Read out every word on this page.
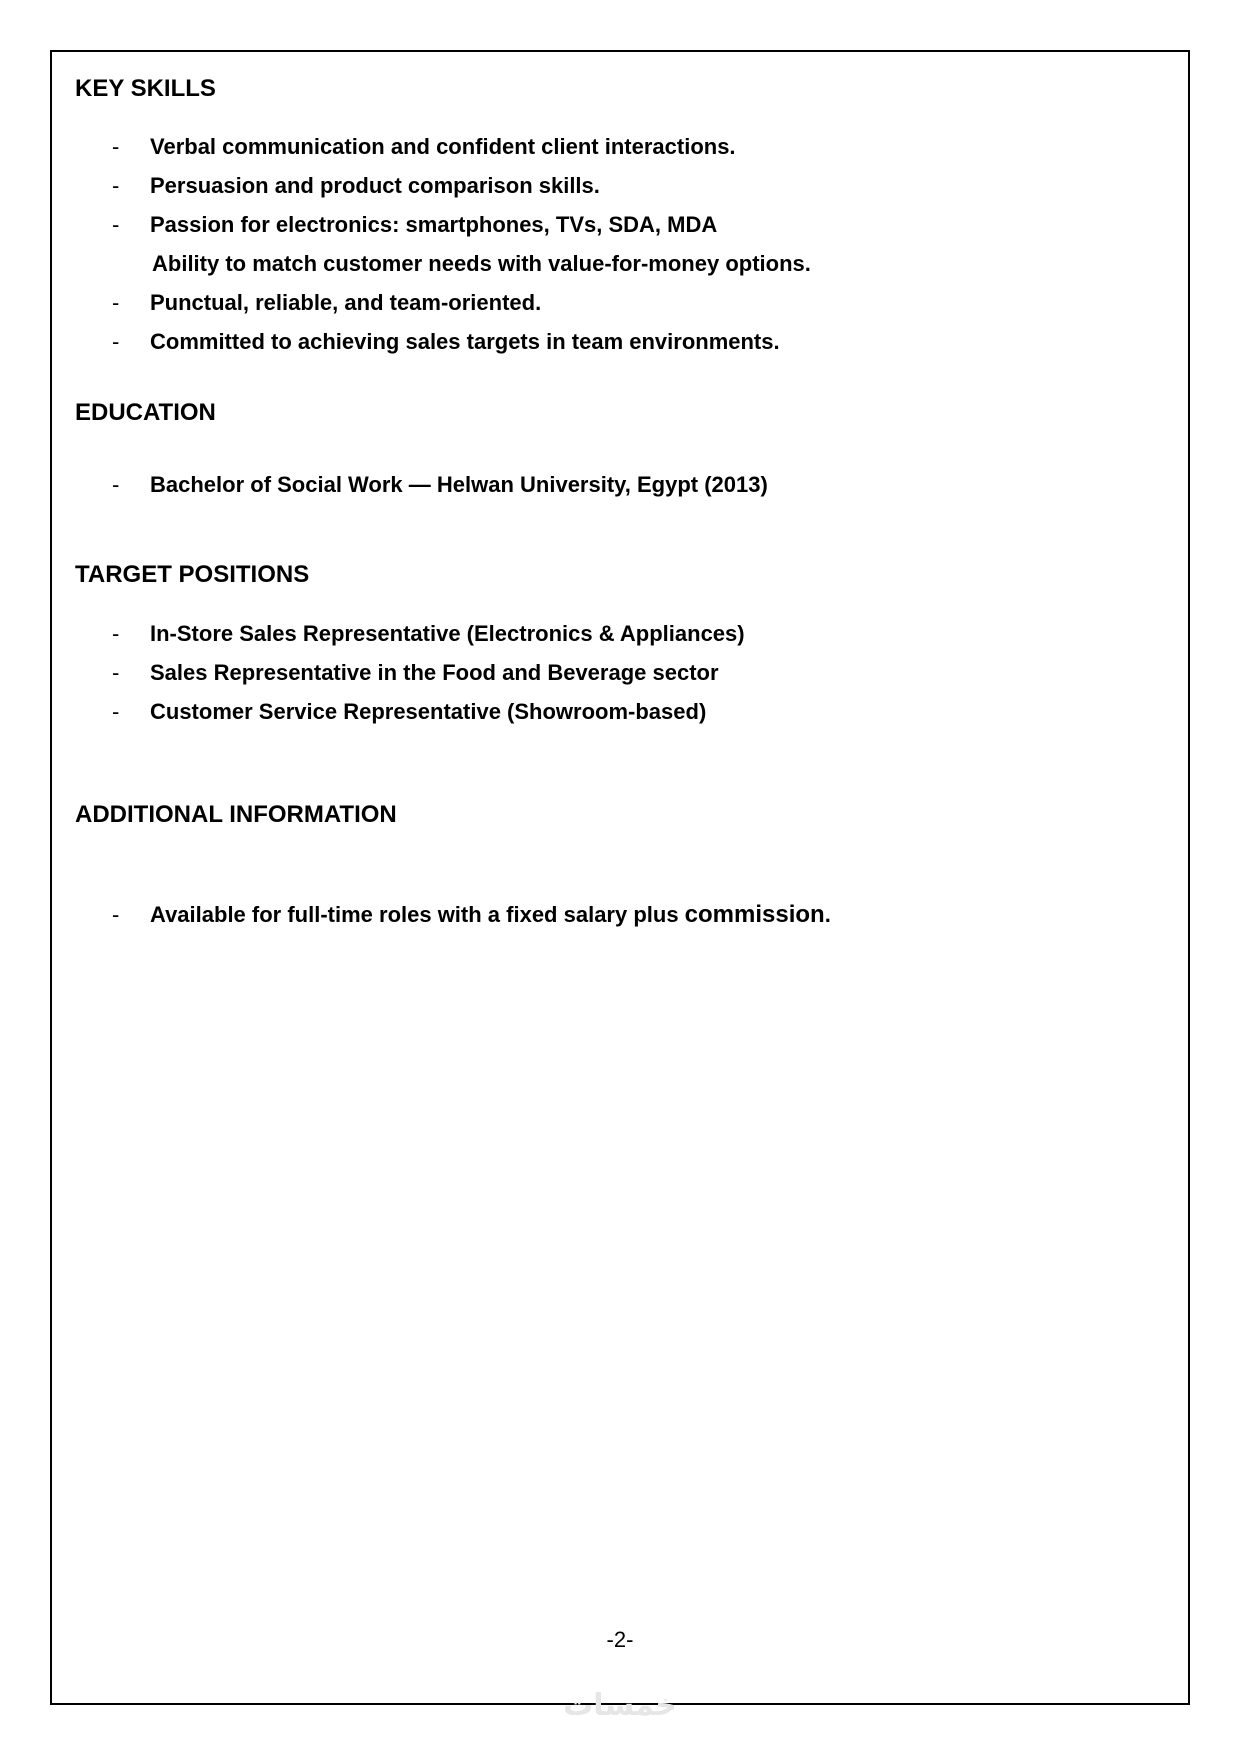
KEY SKILLS
-	Verbal communication and confident client interactions.
-	Persuasion and product comparison skills.
-	Passion for electronics: smartphones, TVs, SDA, MDA
Ability to match customer needs with value-for-money options.
-	Punctual, reliable, and team-oriented.
-	Committed to achieving sales targets in team environments.
EDUCATION
-	Bachelor of Social Work — Helwan University, Egypt (2013)
TARGET POSITIONS
-	In-Store Sales Representative (Electronics & Appliances)
-	Sales Representative in the Food and Beverage sector
-	Customer Service Representative (Showroom-based)
ADDITIONAL INFORMATION
-	Available for full-time roles with a fixed salary plus commission.
-2-
خمسات
